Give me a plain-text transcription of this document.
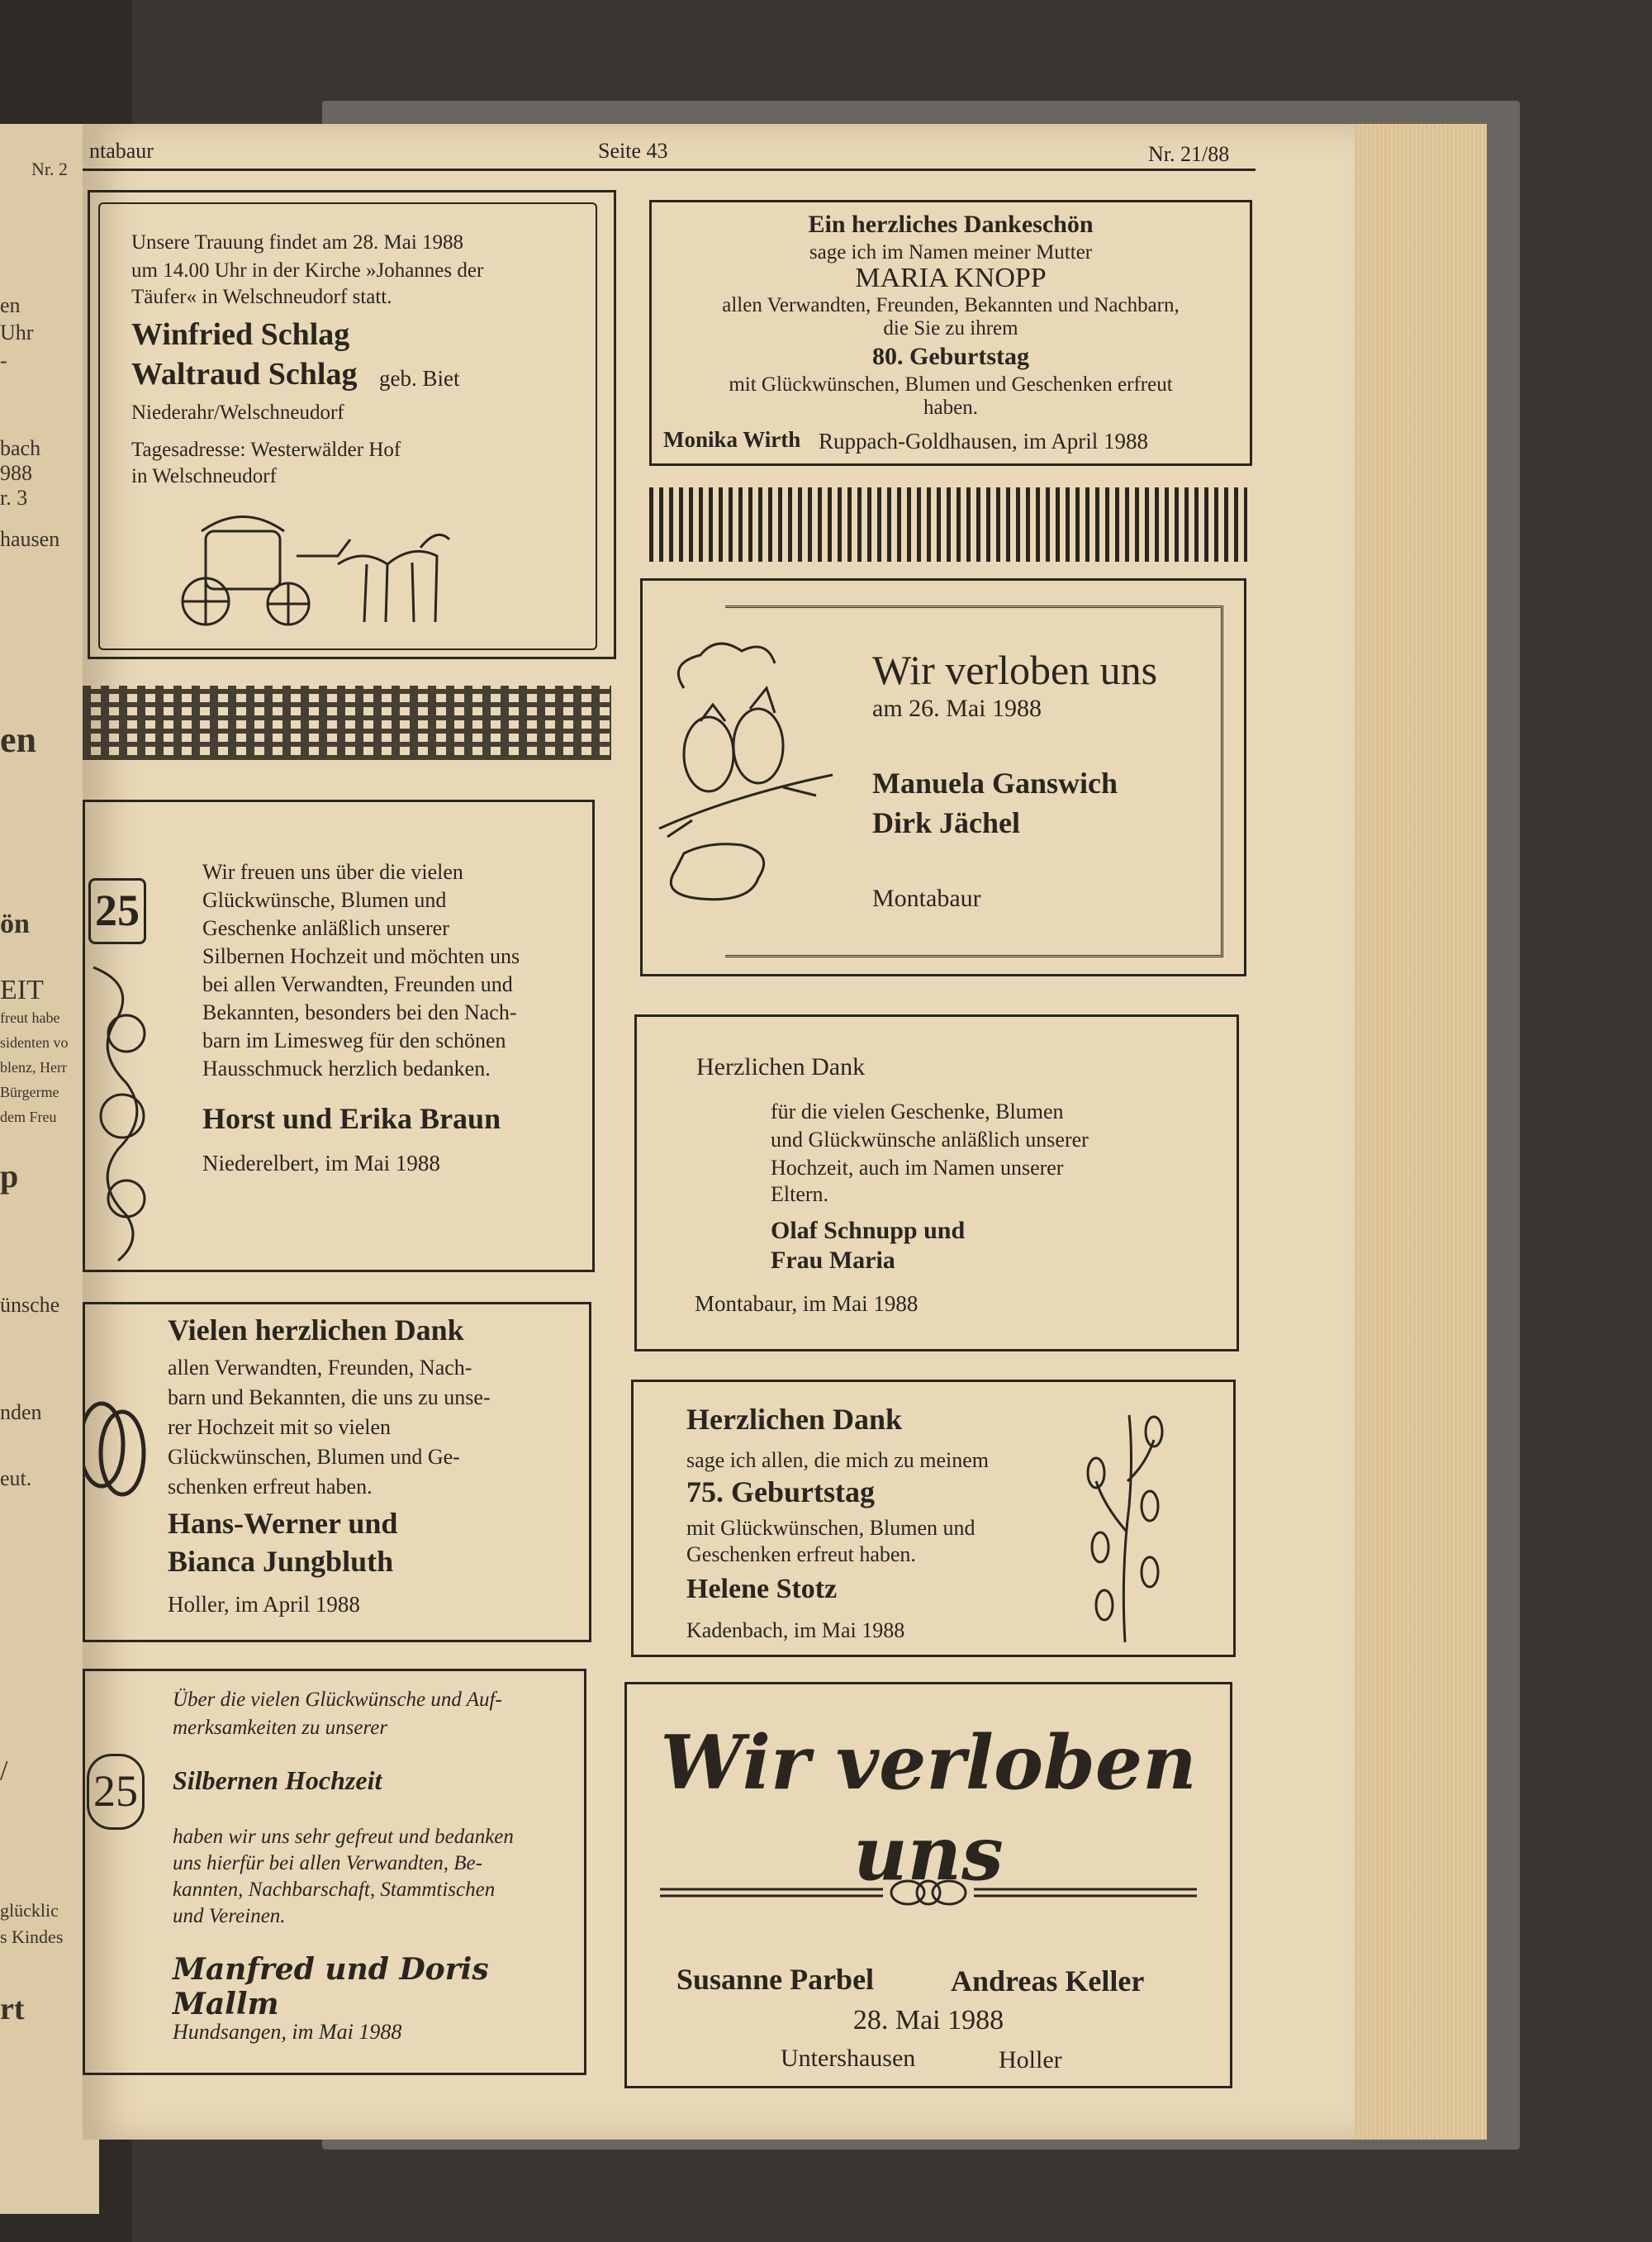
Nr. 2
en
Uhr
-
bach
988
r. 3
hausen
en
ön
EIT
freut habe
sidenten vo
blenz, Herr
Bürgerme
dem Freu
p
ünsche
nden
eut.
/
glücklic
s Kindes
rt
ntabaur	Seite 43	Nr. 21/88
Unsere Trauung findet am 28. Mai 1988
um 14.00 Uhr in der Kirche »Johannes der
Täufer« in Welschneudorf statt.
Winfried Schlag
Waltraud Schlag geb. Biet
Niederahr/Welschneudorf
Tagesadresse: Westerwälder Hof
in Welschneudorf
Ein herzliches Dankeschön
sage ich im Namen meiner Mutter
MARIA KNOPP
allen Verwandten, Freunden, Bekannten und Nachbarn,
die Sie zu ihrem
80. Geburtstag
mit Glückwünschen, Blumen und Geschenken erfreut
haben.
Monika Wirth Ruppach-Goldhausen, im April 1988
Wir verloben uns
am 26. Mai 1988
Manuela Ganswich
Dirk Jächel
Montabaur
25
Wir freuen uns über die vielen
Glückwünsche, Blumen und
Geschenke anläßlich unserer
Silbernen Hochzeit und möchten uns
bei allen Verwandten, Freunden und
Bekannten, besonders bei den Nach-
barn im Limesweg für den schönen
Hausschmuck herzlich bedanken.
Horst und Erika Braun
Niederelbert, im Mai 1988
Herzlichen Dank
für die vielen Geschenke, Blumen
und Glückwünsche anläßlich unserer
Hochzeit, auch im Namen unserer
Eltern.
Olaf Schnupp und
Frau Maria
Montabaur, im Mai 1988
Vielen herzlichen Dank
allen Verwandten, Freunden, Nach-
barn und Bekannten, die uns zu unse-
rer Hochzeit mit so vielen
Glückwünschen, Blumen und Ge-
schenken erfreut haben.
Hans-Werner und
Bianca Jungbluth
Holler, im April 1988
Herzlichen Dank
sage ich allen, die mich zu meinem
75. Geburtstag
mit Glückwünschen, Blumen und
Geschenken erfreut haben.
Helene Stotz
Kadenbach, im Mai 1988
25
Über die vielen Glückwünsche und Auf-
merksamkeiten zu unserer
Silbernen Hochzeit
haben wir uns sehr gefreut und bedanken
uns hierfür bei allen Verwandten, Be-
kannten, Nachbarschaft, Stammtischen
und Vereinen.
Manfred und Doris Mallm
Hundsangen, im Mai 1988
Wir verloben uns
Susanne Parbel	Andreas Keller
28. Mai 1988
Untershausen	Holler
